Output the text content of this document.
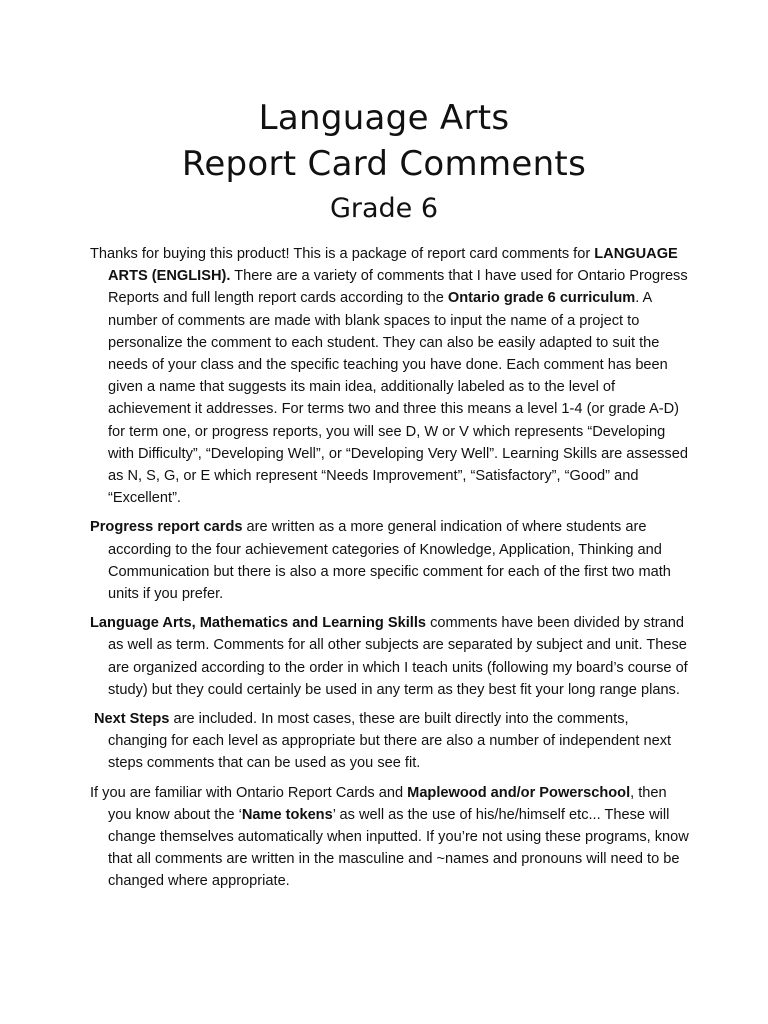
Language Arts
Report Card Comments
Grade 6

Thanks for buying this product! This is a package of report card comments for LANGUAGE ARTS (ENGLISH). There are a variety of comments that I have used for Ontario Progress Reports and full length report cards according to the Ontario grade 6 curriculum. A number of comments are made with blank spaces to input the name of a project to personalize the comment to each student. They can also be easily adapted to suit the needs of your class and the specific teaching you have done. Each comment has been given a name that suggests its main idea, additionally labeled as to the level of achievement it addresses. For terms two and three this means a level 1-4 (or grade A-D) for term one, or progress reports, you will see D, W or V which represents “Developing with Difficulty”, “Developing Well”, or “Developing Very Well”. Learning Skills are assessed as N, S, G, or E which represent “Needs Improvement”, “Satisfactory”, “Good” and “Excellent”.

Progress report cards are written as a more general indication of where students are according to the four achievement categories of Knowledge, Application, Thinking and Communication but there is also a more specific comment for each of the first two math units if you prefer.

Language Arts, Mathematics and Learning Skills comments have been divided by strand as well as term. Comments for all other subjects are separated by subject and unit. These are organized according to the order in which I teach units (following my board’s course of study) but they could certainly be used in any term as they best fit your long range plans.

Next Steps are included. In most cases, these are built directly into the comments, changing for each level as appropriate but there are also a number of independent next steps comments that can be used as you see fit.

If you are familiar with Ontario Report Cards and Maplewood and/or Powerschool, then you know about the ‘Name tokens’ as well as the use of his/he/himself etc... These will change themselves automatically when inputted. If you’re not using these programs, know that all comments are written in the masculine and ~names and pronouns will need to be changed where appropriate.
